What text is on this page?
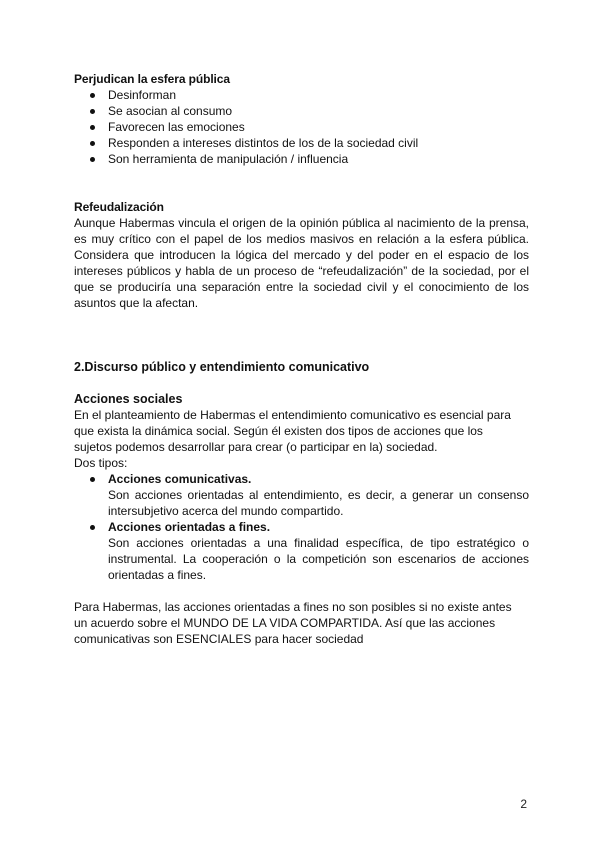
Perjudican la esfera pública
Desinforman
Se asocian al consumo
Favorecen las emociones
Responden a intereses distintos de los de la sociedad civil
Son herramienta de manipulación / influencia
Refeudalización

Aunque Habermas vincula el origen de la opinión pública al nacimiento de la prensa, es muy crítico con el papel de los medios masivos en relación a la esfera pública. Considera que introducen la lógica del mercado y del poder en el espacio de los intereses públicos y habla de un proceso de “refeudalización” de la sociedad, por el que se produciría una separación entre la sociedad civil y el conocimiento de los asuntos que la afectan.

2.Discurso público y entendimiento comunicativo
Acciones sociales

En el planteamiento de Habermas el entendimiento comunicativo es esencial para

que exista la dinámica social. Según él existen dos tipos de acciones que los

sujetos podemos desarrollar para crear (o participar en la) sociedad.

Dos tipos:

Acciones comunicativas.
Son acciones orientadas al entendimiento, es decir, a generar un consenso intersubjetivo acerca del mundo compartido.
Acciones orientadas a fines.
Son acciones orientadas a una finalidad específica, de tipo estratégico o instrumental. La cooperación o la competición son escenarios de acciones orientadas a fines.

Para Habermas, las acciones orientadas a fines no son posibles si no existe antes

un acuerdo sobre el MUNDO DE LA VIDA COMPARTIDA. Así que las acciones

comunicativas son ESENCIALES para hacer sociedad

2
